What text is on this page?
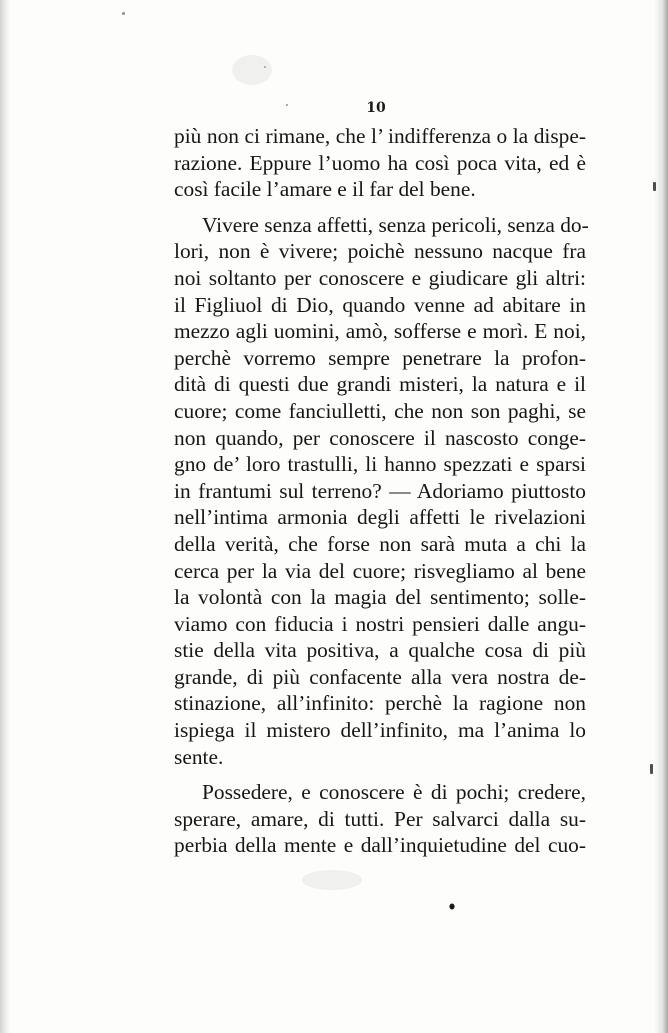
10
più non ci rimane, che l’ indifferenza o la dispe-
razione. Eppure l’uomo ha così poca vita, ed è
così facile l’amare e il far del bene.
Vivere senza affetti, senza pericoli, senza do-
lori, non è vivere; poichè nessuno nacque fra
noi soltanto per conoscere e giudicare gli altri:
il Figliuol di Dio, quando venne ad abitare in
mezzo agli uomini, amò, sofferse e morì. E noi,
perchè vorremo sempre penetrare la profon-
dità di questi due grandi misteri, la natura e il
cuore; come fanciulletti, che non son paghi, se
non quando, per conoscere il nascosto conge-
gno de’ loro trastulli, li hanno spezzati e sparsi
in frantumi sul terreno? — Adoriamo piuttosto
nell’intima armonia degli affetti le rivelazioni
della verità, che forse non sarà muta a chi la
cerca per la via del cuore; risvegliamo al bene
la volontà con la magia del sentimento; solle-
viamo con fiducia i nostri pensieri dalle angu-
stie della vita positiva, a qualche cosa di più
grande, di più confacente alla vera nostra de-
stinazione, all’infinito: perchè la ragione non
ispiega il mistero dell’infinito, ma l’anima lo
sente.
Possedere, e conoscere è di pochi; credere,
sperare, amare, di tutti. Per salvarci dalla su-
perbia della mente e dall’inquietudine del cuo-
